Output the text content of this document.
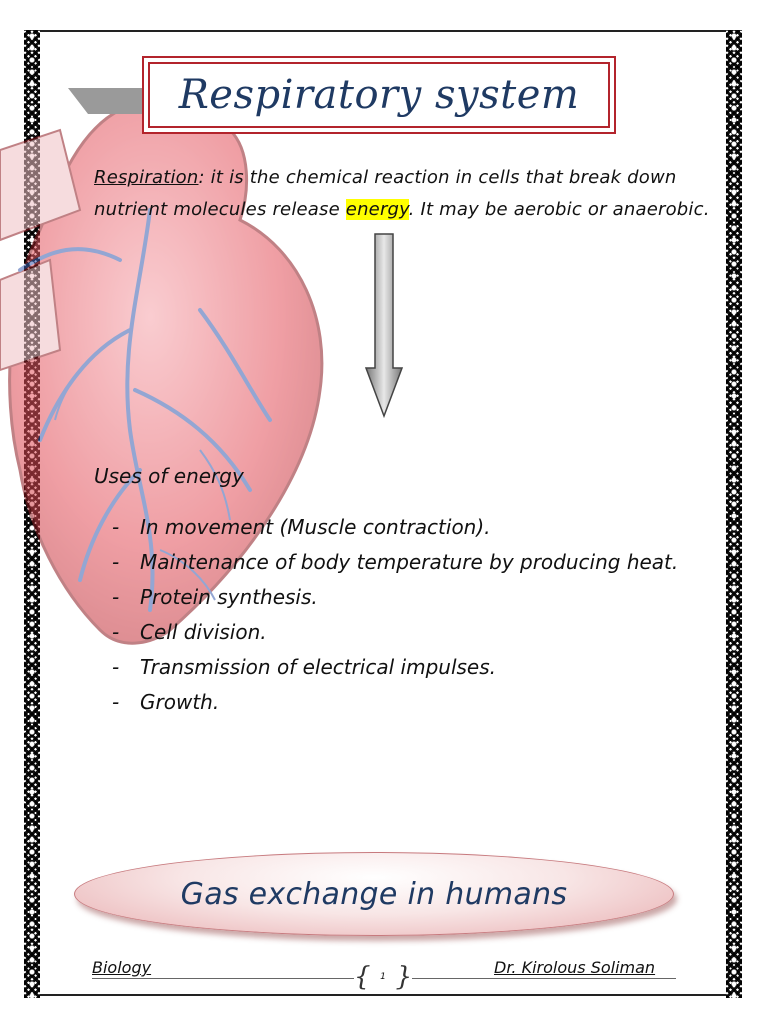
Respiratory system
Respiration: it is the chemical reaction in cells that break down nutrient molecules release energy. It may be aerobic or anaerobic.
Uses of energy
-	In movement (Muscle contraction).
-	Maintenance of body temperature by producing heat.
-	Protein synthesis.
-	Cell division.
-	Transmission of electrical impulses.
-	Growth.
Gas exchange in humans
Biology
{	1
}	Dr. Kirolous Soliman
